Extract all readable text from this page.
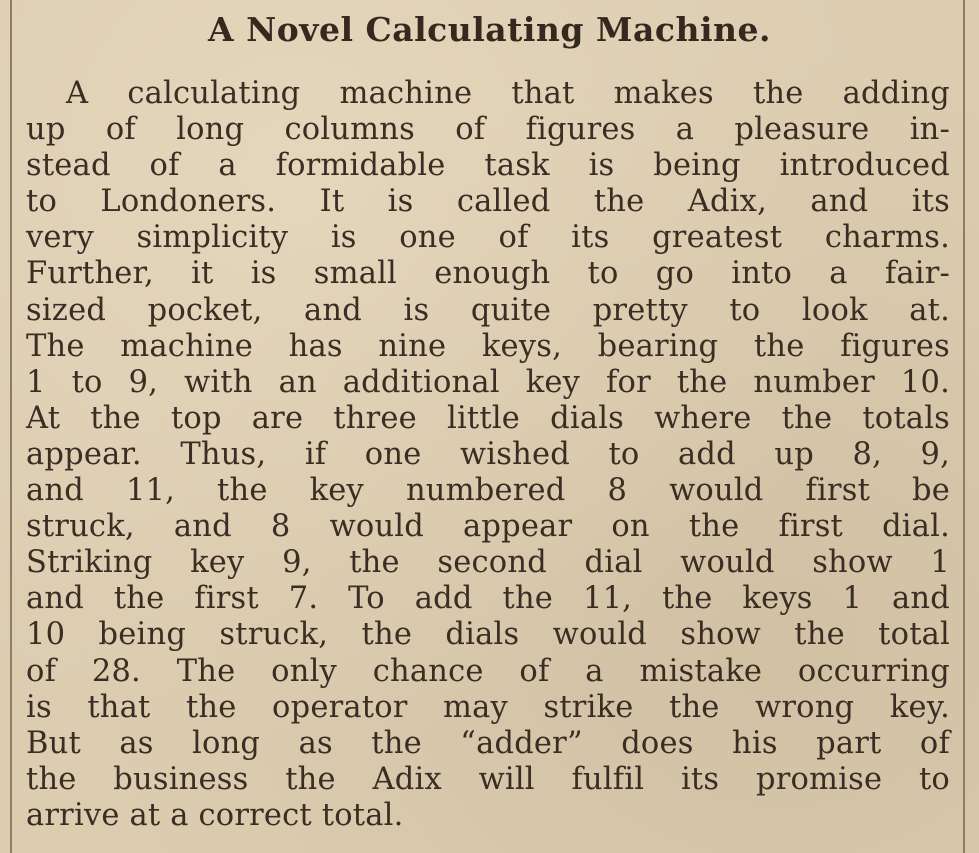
A Novel Calculating Machine.
A calculating machine that makes the adding
up of long columns of figures a pleasure in-
stead of a formidable task is being introduced
to Londoners. It is called the Adix, and its
very simplicity is one of its greatest charms.
Further, it is small enough to go into a fair-
sized pocket, and is quite pretty to look at.
The machine has nine keys, bearing the figures
1 to 9, with an additional key for the number 10.
At the top are three little dials where the totals
appear. Thus, if one wished to add up 8, 9,
and 11, the key numbered 8 would first be
struck, and 8 would appear on the first dial.
Striking key 9, the second dial would show 1
and the first 7. To add the 11, the keys 1 and
10 being struck, the dials would show the total
of 28. The only chance of a mistake occurring
is that the operator may strike the wrong key.
But as long as the “adder” does his part of
the business the Adix will fulfil its promise to
arrive at a correct total.
